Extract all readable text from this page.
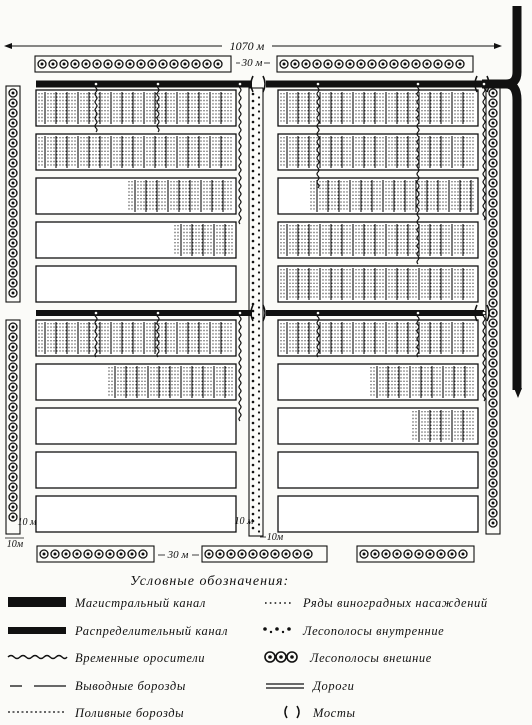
1070 м
30 м
30 м
10 м	10 м
10м
10м
Условные обозначения:
Магистральный канал
Распределительный канал
Временные оросители
Выводные борозды
Поливные борозды
Ряды виноградных насаждений
Лесополосы внутренние
Лесополосы внешние
Дороги
Мосты
